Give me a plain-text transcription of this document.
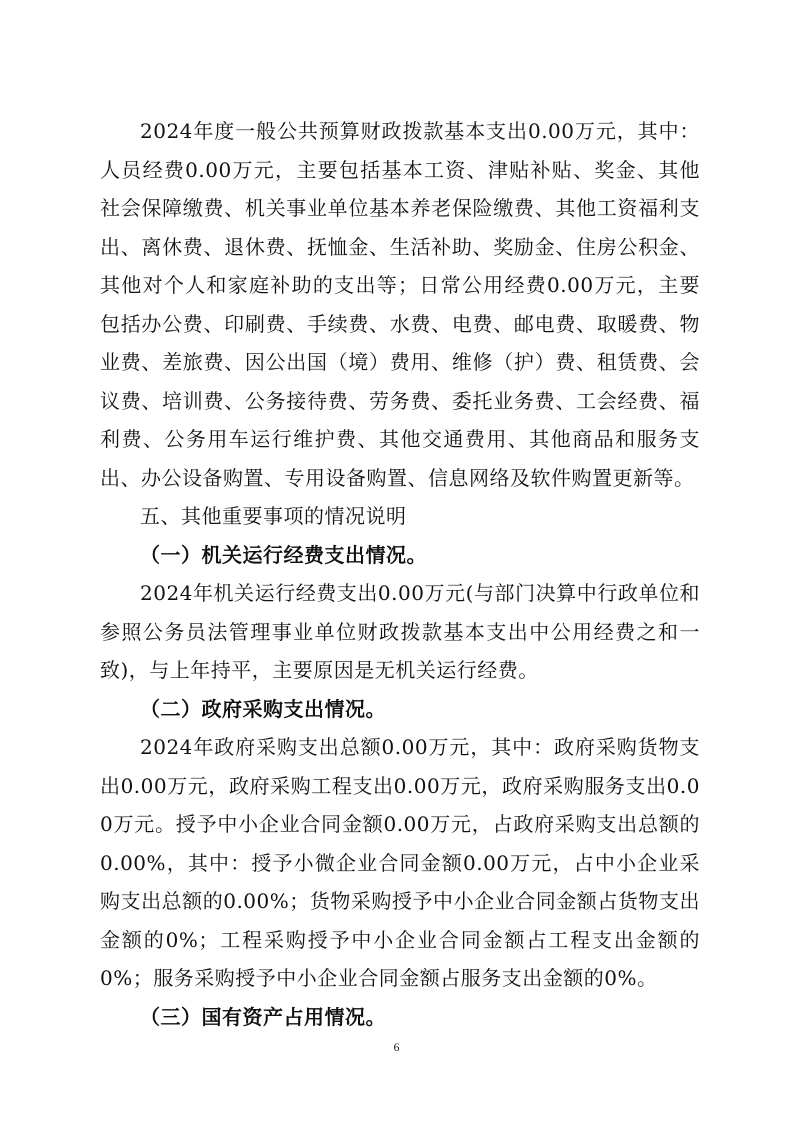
2024年度一般公共预算财政拨款基本支出0.00万元，其中：人员经费0.00万元，主要包括基本工资、津贴补贴、奖金、其他社会保障缴费、机关事业单位基本养老保险缴费、其他工资福利支出、离休费、退休费、抚恤金、生活补助、奖励金、住房公积金、其他对个人和家庭补助的支出等；日常公用经费0.00万元，主要包括办公费、印刷费、手续费、水费、电费、邮电费、取暖费、物业费、差旅费、因公出国（境）费用、维修（护）费、租赁费、会议费、培训费、公务接待费、劳务费、委托业务费、工会经费、福利费、公务用车运行维护费、其他交通费用、其他商品和服务支出、办公设备购置、专用设备购置、信息网络及软件购置更新等。

五、其他重要事项的情况说明

（一）机关运行经费支出情况。

2024年机关运行经费支出0.00万元(与部门决算中行政单位和参照公务员法管理事业单位财政拨款基本支出中公用经费之和一致)，与上年持平，主要原因是无机关运行经费。

（二）政府采购支出情况。

2024年政府采购支出总额0.00万元，其中：政府采购货物支出0.00万元，政府采购工程支出0.00万元，政府采购服务支出0.00万元。授予中小企业合同金额0.00万元，占政府采购支出总额的0.00%，其中：授予小微企业合同金额0.00万元，占中小企业采购支出总额的0.00%；货物采购授予中小企业合同金额占货物支出金额的0%；工程采购授予中小企业合同金额占工程支出金额的0%；服务采购授予中小企业合同金额占服务支出金额的0%。

（三）国有资产占用情况。

6
